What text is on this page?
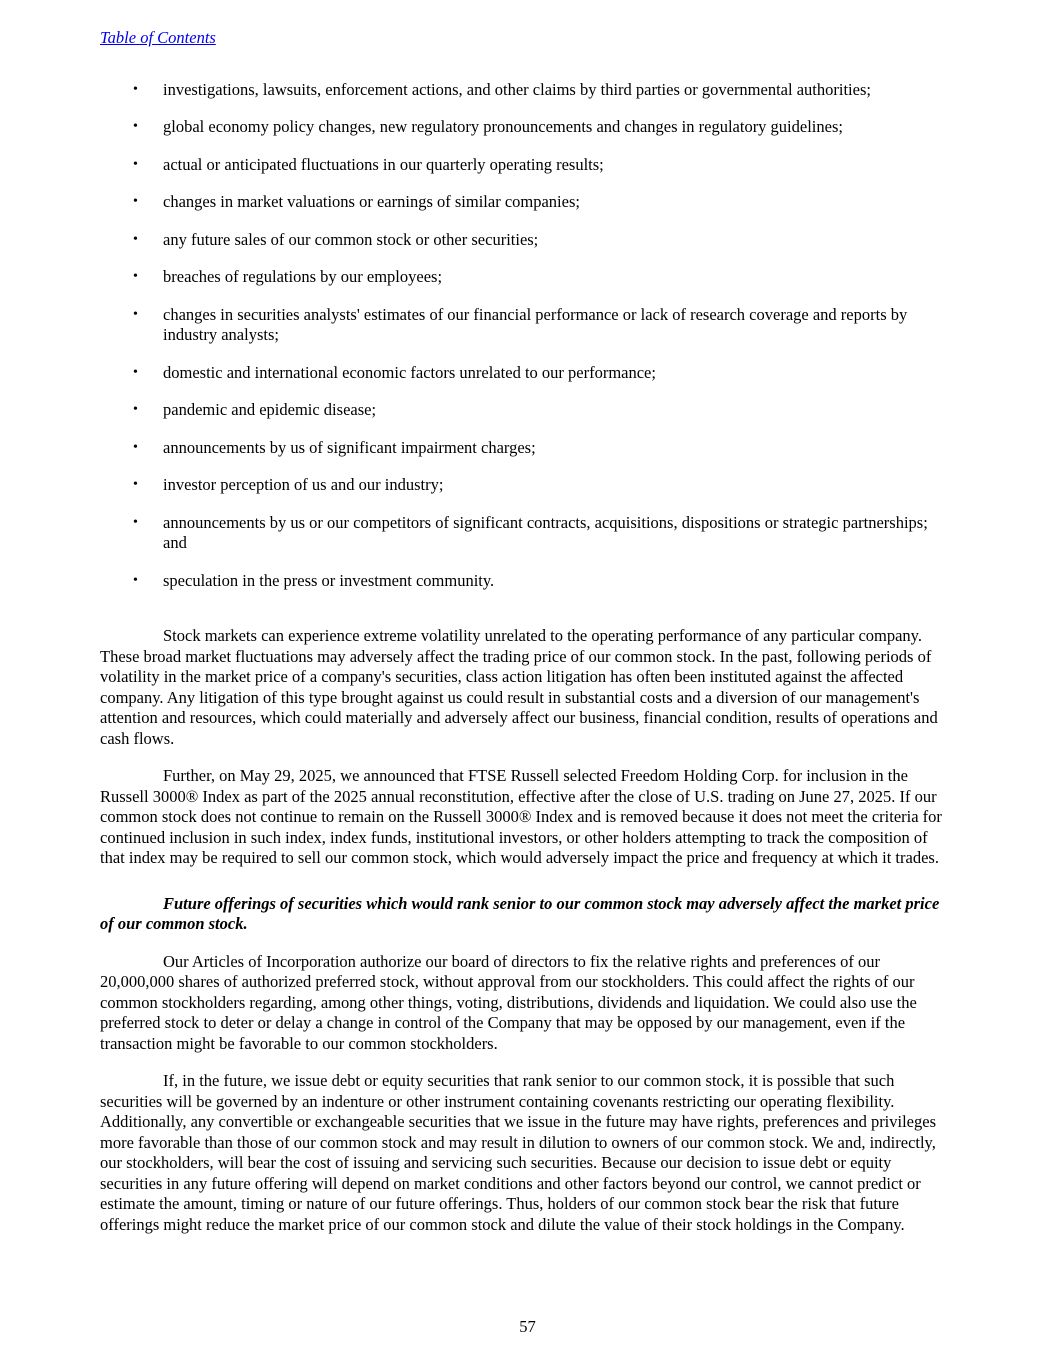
Table of Contents
•	investigations, lawsuits, enforcement actions, and other claims by third parties or governmental authorities;
•	global economy policy changes, new regulatory pronouncements and changes in regulatory guidelines;
•	actual or anticipated fluctuations in our quarterly operating results;
•	changes in market valuations or earnings of similar companies;
•	any future sales of our common stock or other securities;
•	breaches of regulations by our employees;
•	changes in securities analysts' estimates of our financial performance or lack of research coverage and reports by industry analysts;
•	domestic and international economic factors unrelated to our performance;
•	pandemic and epidemic disease;
•	announcements by us of significant impairment charges;
•	investor perception of us and our industry;
•	announcements by us or our competitors of significant contracts, acquisitions, dispositions or strategic partnerships; and
•	speculation in the press or investment community.

Stock markets can experience extreme volatility unrelated to the operating performance of any particular company. These broad market fluctuations may adversely affect the trading price of our common stock. In the past, following periods of volatility in the market price of a company's securities, class action litigation has often been instituted against the affected company. Any litigation of this type brought against us could result in substantial costs and a diversion of our management's attention and resources, which could materially and adversely affect our business, financial condition, results of operations and cash flows.

Further, on May 29, 2025, we announced that FTSE Russell selected Freedom Holding Corp. for inclusion in the Russell 3000® Index as part of the 2025 annual reconstitution, effective after the close of U.S. trading on June 27, 2025. If our common stock does not continue to remain on the Russell 3000® Index and is removed because it does not meet the criteria for continued inclusion in such index, index funds, institutional investors, or other holders attempting to track the composition of that index may be required to sell our common stock, which would adversely impact the price and frequency at which it trades.

Future offerings of securities which would rank senior to our common stock may adversely affect the market price of our common stock.

Our Articles of Incorporation authorize our board of directors to fix the relative rights and preferences of our 20,000,000 shares of authorized preferred stock, without approval from our stockholders. This could affect the rights of our common stockholders regarding, among other things, voting, distributions, dividends and liquidation. We could also use the preferred stock to deter or delay a change in control of the Company that may be opposed by our management, even if the transaction might be favorable to our common stockholders.

If, in the future, we issue debt or equity securities that rank senior to our common stock, it is possible that such securities will be governed by an indenture or other instrument containing covenants restricting our operating flexibility. Additionally, any convertible or exchangeable securities that we issue in the future may have rights, preferences and privileges more favorable than those of our common stock and may result in dilution to owners of our common stock. We and, indirectly, our stockholders, will bear the cost of issuing and servicing such securities. Because our decision to issue debt or equity securities in any future offering will depend on market conditions and other factors beyond our control, we cannot predict or estimate the amount, timing or nature of our future offerings. Thus, holders of our common stock bear the risk that future offerings might reduce the market price of our common stock and dilute the value of their stock holdings in the Company.

57
